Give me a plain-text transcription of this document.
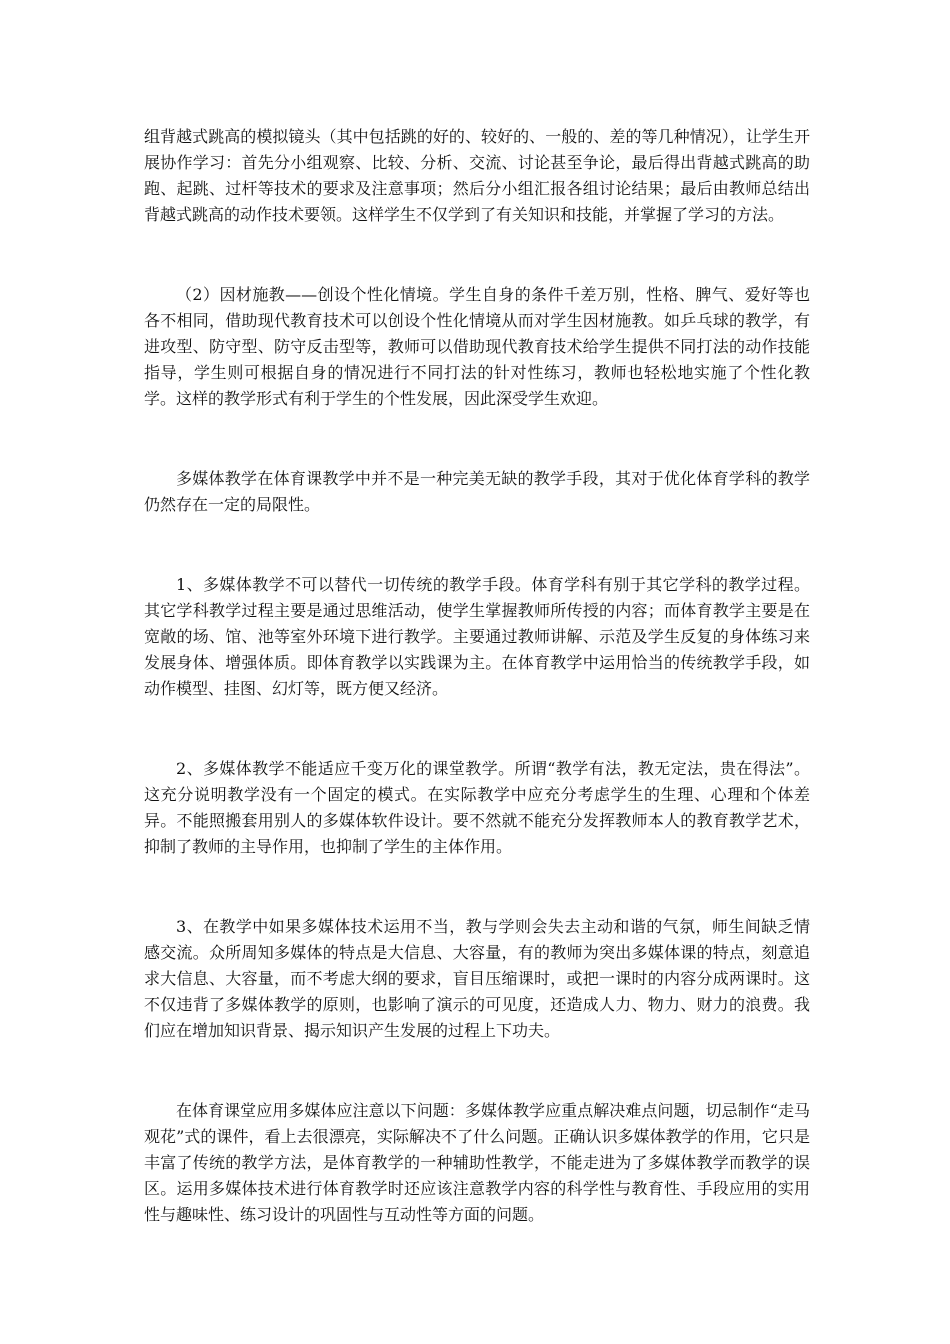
组背越式跳高的模拟镜头（其中包括跳的好的、较好的、一般的、差的等几种情况），让学生开展协作学习：首先分小组观察、比较、分析、交流、讨论甚至争论，最后得出背越式跳高的助跑、起跳、过杆等技术的要求及注意事项；然后分小组汇报各组讨论结果；最后由教师总结出背越式跳高的动作技术要领。这样学生不仅学到了有关知识和技能，并掌握了学习的方法。

（2）因材施教——创设个性化情境。学生自身的条件千差万别，性格、脾气、爱好等也各不相同，借助现代教育技术可以创设个性化情境从而对学生因材施教。如乒乓球的教学，有进攻型、防守型、防守反击型等，教师可以借助现代教育技术给学生提供不同打法的动作技能指导，学生则可根据自身的情况进行不同打法的针对性练习，教师也轻松地实施了个性化教学。这样的教学形式有利于学生的个性发展，因此深受学生欢迎。

多媒体教学在体育课教学中并不是一种完美无缺的教学手段，其对于优化体育学科的教学仍然存在一定的局限性。

1、多媒体教学不可以替代一切传统的教学手段。体育学科有别于其它学科的教学过程。其它学科教学过程主要是通过思维活动，使学生掌握教师所传授的内容；而体育教学主要是在宽敞的场、馆、池等室外环境下进行教学。主要通过教师讲解、示范及学生反复的身体练习来发展身体、增强体质。即体育教学以实践课为主。在体育教学中运用恰当的传统教学手段，如动作模型、挂图、幻灯等，既方便又经济。

2、多媒体教学不能适应千变万化的课堂教学。所谓“教学有法，教无定法，贵在得法”。这充分说明教学没有一个固定的模式。在实际教学中应充分考虑学生的生理、心理和个体差异。不能照搬套用别人的多媒体软件设计。要不然就不能充分发挥教师本人的教育教学艺术，抑制了教师的主导作用，也抑制了学生的主体作用。

3、在教学中如果多媒体技术运用不当，教与学则会失去主动和谐的气氛，师生间缺乏情感交流。众所周知多媒体的特点是大信息、大容量，有的教师为突出多媒体课的特点，刻意追求大信息、大容量，而不考虑大纲的要求，盲目压缩课时，或把一课时的内容分成两课时。这不仅违背了多媒体教学的原则，也影响了演示的可见度，还造成人力、物力、财力的浪费。我们应在增加知识背景、揭示知识产生发展的过程上下功夫。

在体育课堂应用多媒体应注意以下问题：多媒体教学应重点解决难点问题，切忌制作“走马观花”式的课件，看上去很漂亮，实际解决不了什么问题。正确认识多媒体教学的作用，它只是丰富了传统的教学方法，是体育教学的一种辅助性教学，不能走进为了多媒体教学而教学的误区。运用多媒体技术进行体育教学时还应该注意教学内容的科学性与教育性、手段应用的实用性与趣味性、练习设计的巩固性与互动性等方面的问题。
